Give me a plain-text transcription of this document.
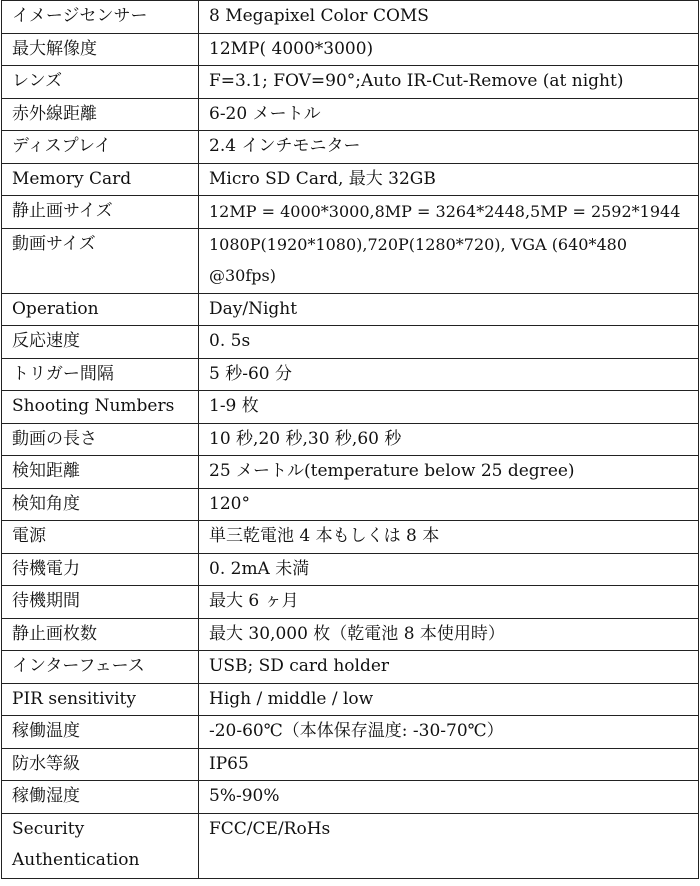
イメージセンサー	8 Megapixel Color COMS
最大解像度	12MP( 4000*3000)
レンズ	F=3.1; FOV=90°;Auto IR-Cut-Remove (at night)
赤外線距離	6-20 メートル
ディスプレイ	2.4 インチモニター
Memory Card	Micro SD Card, 最大 32GB
静止画サイズ	12MP = 4000*3000,8MP = 3264*2448,5MP = 2592*1944
動画サイズ	1080P(1920*1080),720P(1280*720), VGA (640*480
@30fps)

Operation	Day/Night
反応速度	0. 5s
トリガー間隔	5 秒-60 分
Shooting Numbers	1-9 枚
動画の長さ	10 秒,20 秒,30 秒,60 秒
検知距離	25 メートル(temperature below 25 degree)
検知角度	120°
電源	単三乾電池 4 本もしくは 8 本
待機電力	0. 2mA 未満
待機期間	最大 6 ヶ月
静止画枚数	最大 30,000 枚（乾電池 8 本使用時）
インターフェース	USB; SD card holder
PIR sensitivity	High / middle / low
稼働温度	-20-60℃（本体保存温度: -30-70℃）
防水等級	IP65
稼働湿度	5%-90%

Security
Authentication	FCC/CE/RoHs
